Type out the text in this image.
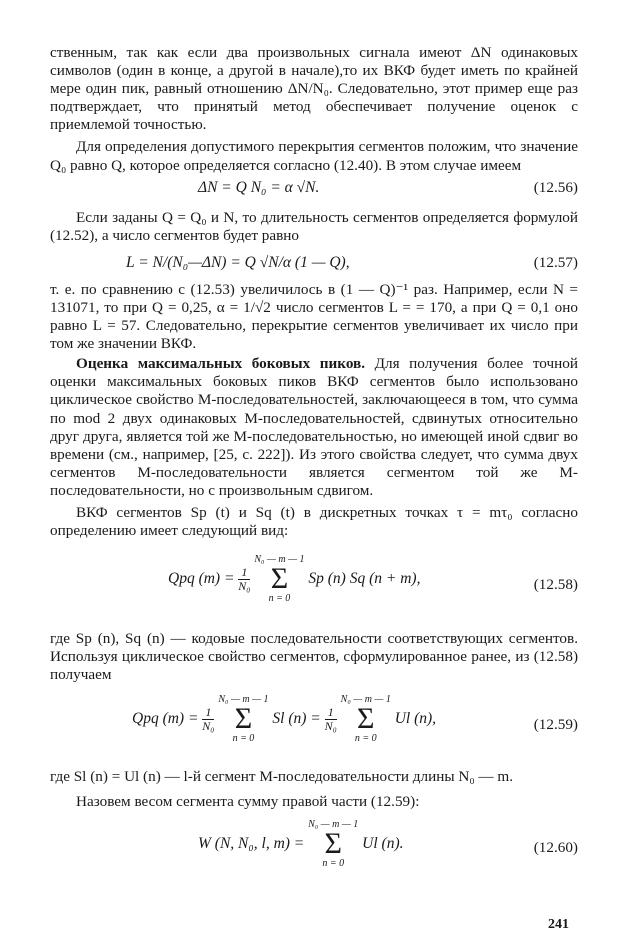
ственным, так как если два произвольных сигнала имеют ΔN одинаковых символов (один в конце, а другой в начале),то их ВКФ будет иметь по крайней мере один пик, равный отношению ΔN/N₀. Следовательно, этот пример еще раз подтверждает, что принятый метод обеспечивает получение оценок с приемлемой точностью.

Для определения допустимого перекрытия сегментов положим, что значение Q₀ равно Q, которое определяется согласно (12.40). В этом случае имеем

ΔN = Q N₀ = α √N.	(12.56)

Если заданы Q = Q₀ и N, то длительность сегментов определяется формулой (12.52), а число сегментов будет равно

L = N/(N₀—ΔN) = Q √N/α (1 — Q),	(12.57)

т. е. по сравнению с (12.53) увеличилось в (1 — Q)⁻¹ раз. Например, если N = 131071, то при Q = 0,25, α = 1/√2 число сегментов L = = 170, а при Q = 0,1 оно равно L = 57. Следовательно, перекрытие сегментов увеличивает их число при том же значении ВКФ.

Оценка максимальных боковых пиков. Для получения более точной оценки максимальных боковых пиков ВКФ сегментов было использовано циклическое свойство M-последовательностей, заключающееся в том, что сумма по mod 2 двух одинаковых M-последовательностей, сдвинутых относительно друг друга, является той же M-последовательностью, но имеющей иной сдвиг во времени (см., например, [25, с. 222]). Из этого свойства следует, что сумма двух сегментов M-последовательности является сегментом той же M-последовательности, но с произвольным сдвигом.

ВКФ сегментов Sp (t) и Sq (t) в дискретных точках τ = mτ₀ согласно определению имеет следующий вид:

Qpq $(m) = \frac{1}{\text{N₀}}$
N₀ — m — 1
Σ
n = 0 Sp (n) Sq (n + m),	(12.58)

где Sp (n), Sq (n) — кодовые последовательности соответствующих сегментов. Используя циклическое свойство сегментов, сформулированное ранее, из (12.58) получаем

Qpq $(m) = \frac{1}{\text{N₀}}$
N₀ — m — 1
Σ
n = 0 Sl $(n) = \frac{1}{\text{N₀}}$
N₀ — m — 1
Σ
n = 0 Ul (n),	(12.59)

где Sl (n) = Ul (n) — l-й сегмент M-последовательности длины N₀ — m.

Назовем весом сегмента сумму правой части (12.59):

W (N, N₀, l, m) = N₀ — m — 1
Σ
n = 0 Ul (n).	(12.60)
241
